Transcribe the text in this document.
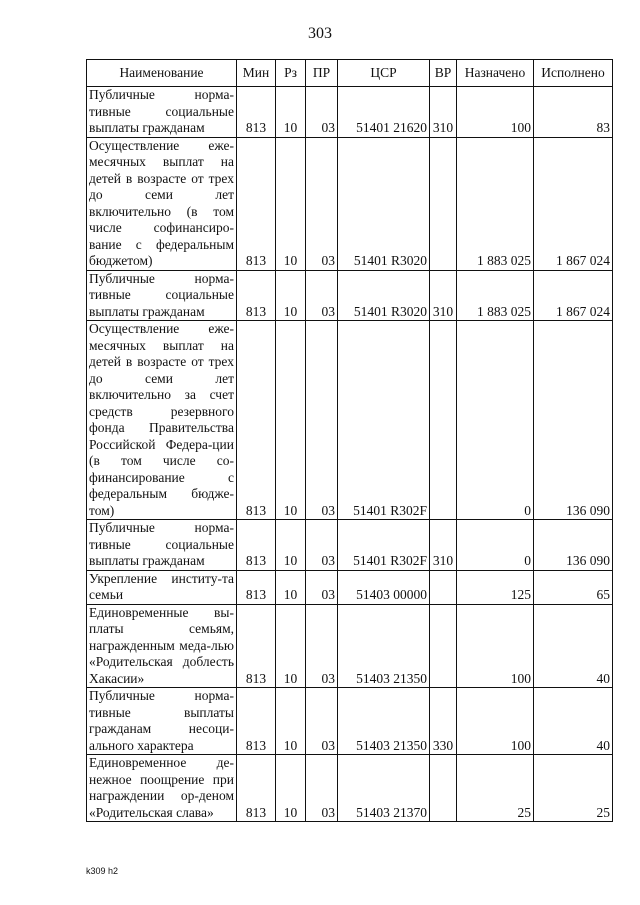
303
Наименование	Мин	Рз	ПР	ЦСР	ВР	Назначено	Исполнено
Публичные норма-тивные социальные выплаты гражданам	813	10	03	51401 21620	310	100	83
Осуществление еже-месячных выплат на детей в возрасте от трех до семи лет включительно (в том числе софинансиро-вание с федеральным бюджетом)	813	10	03	51401 R3020		1 883 025	1 867 024
Публичные норма-тивные социальные выплаты гражданам	813	10	03	51401 R3020	310	1 883 025	1 867 024
Осуществление еже-месячных выплат на детей в возрасте от трех до семи лет включительно за счет средств резервного фонда Правительства Российской Федера-ции (в том числе со-финансирование с федеральным бюдже-том)	813	10	03	51401 R302F		0	136 090
Публичные норма-тивные социальные выплаты гражданам	813	10	03	51401 R302F	310	0	136 090
Укрепление институ-та семьи	813	10	03	51403 00000		125	65
Единовременные вы-платы семьям, награжденным меда-лью «Родительская доблесть Хакасии»	813	10	03	51403 21350		100	40
Публичные норма-тивные выплаты гражданам несоци-ального характера	813	10	03	51403 21350	330	100	40
Единовременное де-нежное поощрение при награждении ор-деном «Родительская слава»	813	10	03	51403 21370		25	25
k309 h2
